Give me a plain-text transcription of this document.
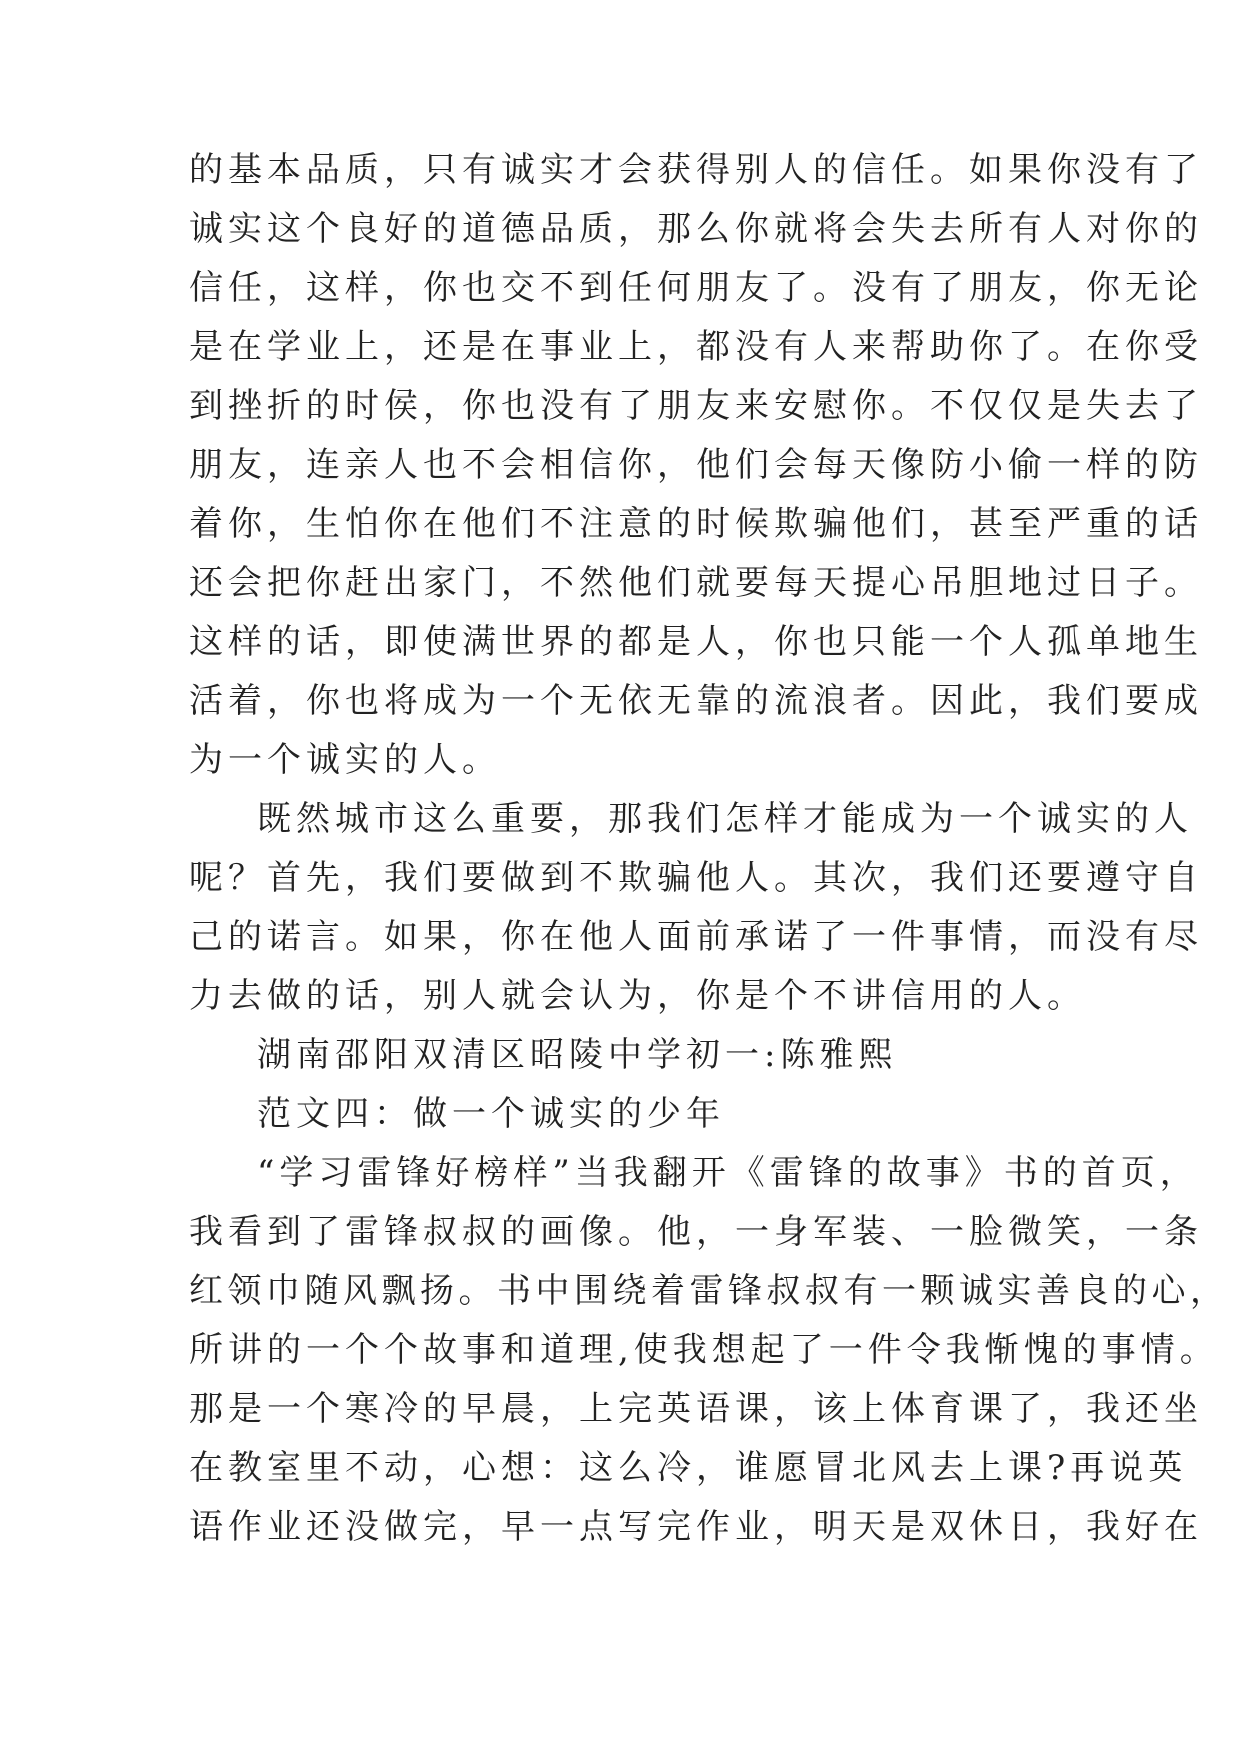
的基本品质，只有诚实才会获得别人的信任。如果你没有了
诚实这个良好的道德品质，那么你就将会失去所有人对你的
信任，这样，你也交不到任何朋友了。没有了朋友，你无论
是在学业上，还是在事业上，都没有人来帮助你了。在你受
到挫折的时侯，你也没有了朋友来安慰你。不仅仅是失去了
朋友，连亲人也不会相信你，他们会每天像防小偷一样的防
着你，生怕你在他们不注意的时候欺骗他们，甚至严重的话
还会把你赶出家门，不然他们就要每天提心吊胆地过日子。
这样的话，即使满世界的都是人，你也只能一个人孤单地生
活着，你也将成为一个无依无靠的流浪者。因此，我们要成
为一个诚实的人。
既然城市这么重要，那我们怎样才能成为一个诚实的人
呢？首先，我们要做到不欺骗他人。其次，我们还要遵守自
己的诺言。如果，你在他人面前承诺了一件事情，而没有尽
力去做的话，别人就会认为，你是个不讲信用的人。
湖南邵阳双清区昭陵中学初一:陈雅熙
范文四：做一个诚实的少年
“学习雷锋好榜样”当我翻开《雷锋的故事》书的首页，
我看到了雷锋叔叔的画像。他，一身军装、一脸微笑，一条
红领巾随风飘扬。书中围绕着雷锋叔叔有一颗诚实善良的心，
所讲的一个个故事和道理,使我想起了一件令我惭愧的事情。
那是一个寒冷的早晨，上完英语课，该上体育课了，我还坐
在教室里不动，心想：这么冷，谁愿冒北风去上课?再说英
语作业还没做完，早一点写完作业，明天是双休日，我好在
